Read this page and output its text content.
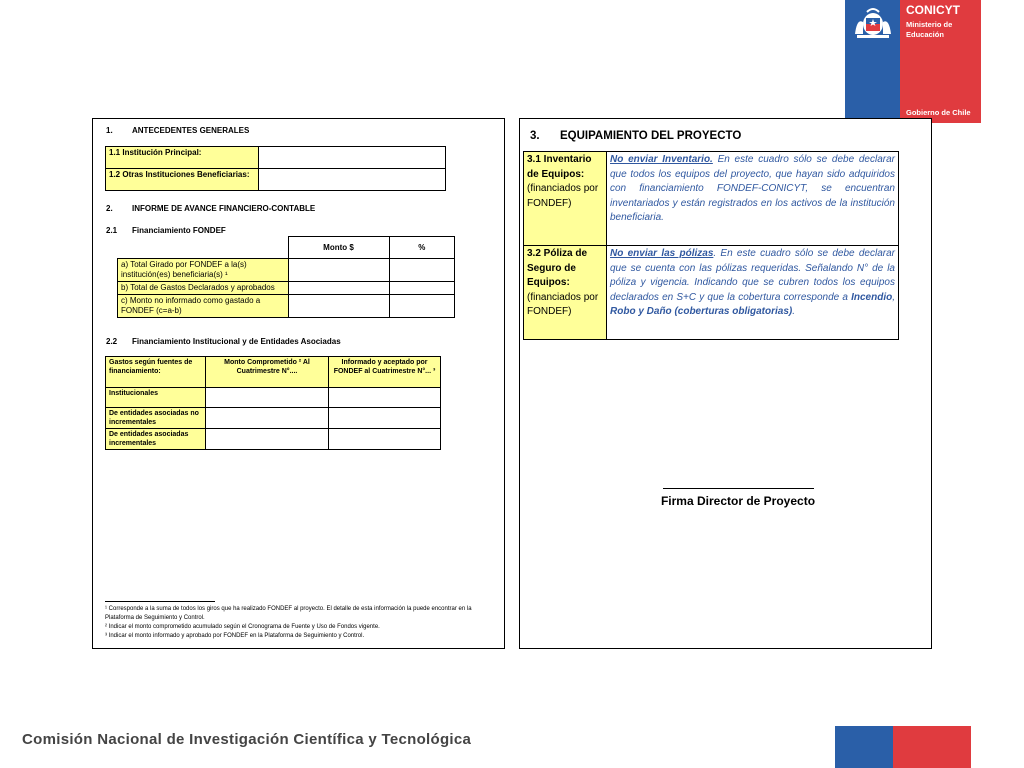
CONICYT
Ministerio de
Educación
Gobierno de Chile
1. ANTECEDENTES GENERALES
1.1 Institución Principal:	
1.2 Otras Instituciones Beneficiarias:	
2. INFORME DE AVANCE FINANCIERO-CONTABLE
2.1 Financiamiento FONDEF
	Monto $	%
a) Total Girado por FONDEF a la(s) institución(es) beneficiaria(s) ¹		
b) Total de Gastos Declarados y aprobados		
c) Monto no informado como gastado a FONDEF (c=a-b)		
2.2 Financiamiento Institucional y de Entidades Asociadas
Gastos según fuentes de financiamiento:	Monto Comprometido ² Al Cuatrimestre N°....	Informado y aceptado por FONDEF al Cuatrimestre N°... ³
Institucionales		
De entidades asociadas no incrementales		
De entidades asociadas incrementales		
¹ Corresponde a la suma de todos los giros que ha realizado FONDEF al proyecto. El detalle de esta información la puede encontrar en la Plataforma de Seguimiento y Control.
² Indicar el monto comprometido acumulado según el Cronograma de Fuente y Uso de Fondos vigente.
³ Indicar el monto informado y aprobado por FONDEF en la Plataforma de Seguimiento y Control.
3. EQUIPAMIENTO DEL PROYECTO
3.1 Inventario de Equipos:
(financiados por FONDEF)	No enviar Inventario. En este cuadro sólo se debe declarar que todos los equipos del proyecto, que hayan sido adquiridos con financiamiento FONDEF-CONICYT, se encuentran inventariados y están registrados en los activos de la institución beneficiaria.

3.2 Póliza de Seguro de Equipos:
(financiados por FONDEF)	No enviar las pólizas. En este cuadro sólo se debe declarar que se cuenta con las pólizas requeridas. Señalando N° de la póliza y vigencia. Indicando que se cubren todos los equipos declarados en S+C y que la cobertura corresponde a Incendio, Robo y Daño (coberturas obligatorias).
Firma Director de Proyecto
Comisión Nacional de Investigación Científica y Tecnológica
